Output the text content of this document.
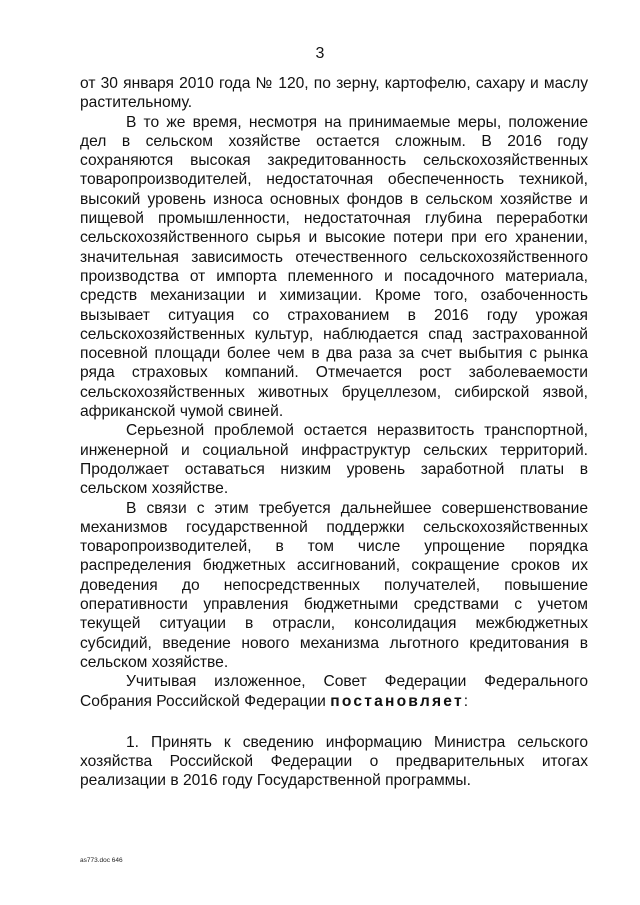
3

от 30 января 2010 года № 120, по зерну, картофелю, сахару и маслу растительному.

В то же время, несмотря на принимаемые меры, положение дел в сельском хозяйстве остается сложным. В 2016 году сохраняются высокая закредитованность сельскохозяйственных товаропроизводителей, недостаточная обеспеченность техникой, высокий уровень износа основных фондов в сельском хозяйстве и пищевой промышленности, недостаточная глубина переработки сельскохозяйственного сырья и высокие потери при его хранении, значительная зависимость отечественного сельскохозяйственного производства от импорта племенного и посадочного материала, средств механизации и химизации. Кроме того, озабоченность вызывает ситуация со страхованием в 2016 году урожая сельскохозяйственных культур, наблюдается спад застрахованной посевной площади более чем в два раза за счет выбытия с рынка ряда страховых компаний. Отмечается рост заболеваемости сельскохозяйственных животных бруцеллезом, сибирской язвой, африканской чумой свиней.

Серьезной проблемой остается неразвитость транспортной, инженерной и социальной инфраструктур сельских территорий. Продолжает оставаться низким уровень заработной платы в сельском хозяйстве.

В связи с этим требуется дальнейшее совершенствование механизмов государственной поддержки сельскохозяйственных товаропроизводителей, в том числе упрощение порядка распределения бюджетных ассигнований, сокращение сроков их доведения до непосредственных получателей, повышение оперативности управления бюджетными средствами с учетом текущей ситуации в отрасли, консолидация межбюджетных субсидий, введение нового механизма льготного кредитования в сельском хозяйстве.

Учитывая изложенное, Совет Федерации Федерального Собрания Российской Федерации постановляет:

1. Принять к сведению информацию Министра сельского хозяйства Российской Федерации о предварительных итогах реализации в 2016 году Государственной программы.

as773.doc 646
